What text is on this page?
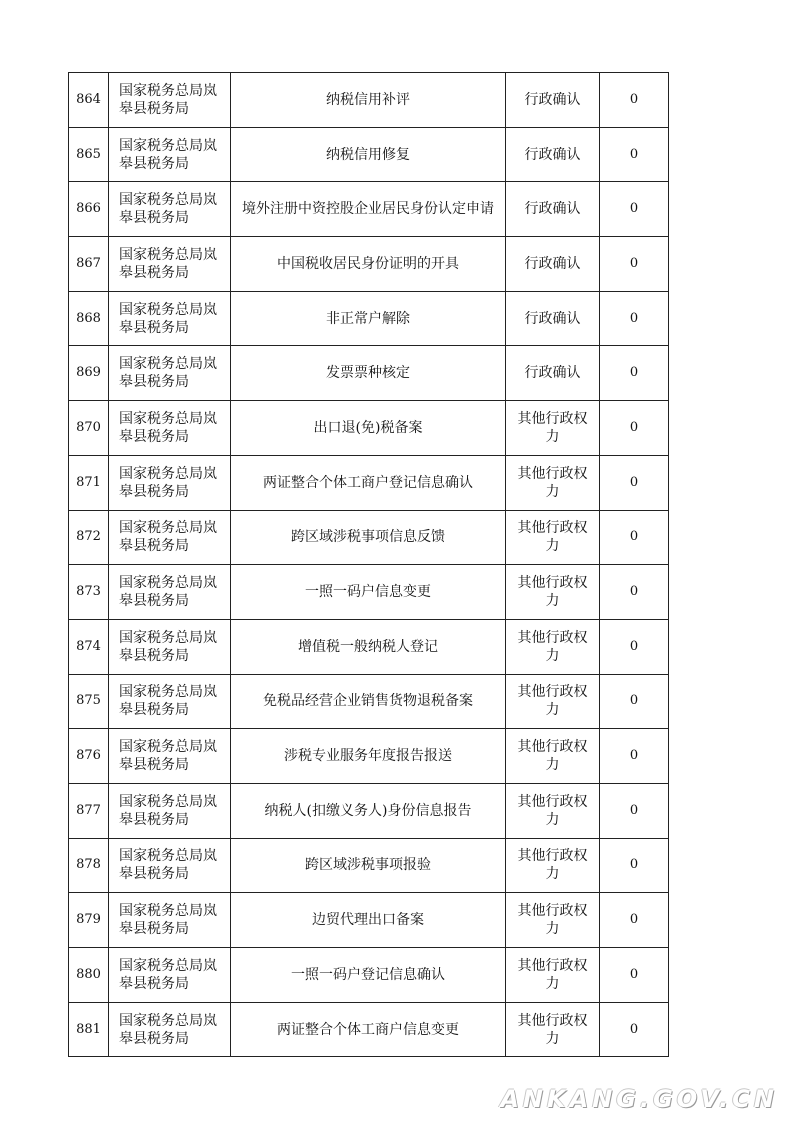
864	国家税务总局岚皋县税务局	纳税信用补评	行政确认	0
865	国家税务总局岚皋县税务局	纳税信用修复	行政确认	0
866	国家税务总局岚皋县税务局	境外注册中资控股企业居民身份认定申请	行政确认	0
867	国家税务总局岚皋县税务局	中国税收居民身份证明的开具	行政确认	0
868	国家税务总局岚皋县税务局	非正常户解除	行政确认	0
869	国家税务总局岚皋县税务局	发票票种核定	行政确认	0
870	国家税务总局岚皋县税务局	出口退(免)税备案	其他行政权力	0
871	国家税务总局岚皋县税务局	两证整合个体工商户登记信息确认	其他行政权力	0
872	国家税务总局岚皋县税务局	跨区域涉税事项信息反馈	其他行政权力	0
873	国家税务总局岚皋县税务局	一照一码户信息变更	其他行政权力	0
874	国家税务总局岚皋县税务局	增值税一般纳税人登记	其他行政权力	0
875	国家税务总局岚皋县税务局	免税品经营企业销售货物退税备案	其他行政权力	0
876	国家税务总局岚皋县税务局	涉税专业服务年度报告报送	其他行政权力	0
877	国家税务总局岚皋县税务局	纳税人(扣缴义务人)身份信息报告	其他行政权力	0
878	国家税务总局岚皋县税务局	跨区域涉税事项报验	其他行政权力	0
879	国家税务总局岚皋县税务局	边贸代理出口备案	其他行政权力	0
880	国家税务总局岚皋县税务局	一照一码户登记信息确认	其他行政权力	0
881	国家税务总局岚皋县税务局	两证整合个体工商户信息变更	其他行政权力	0
ANKANG.GOV.CN
